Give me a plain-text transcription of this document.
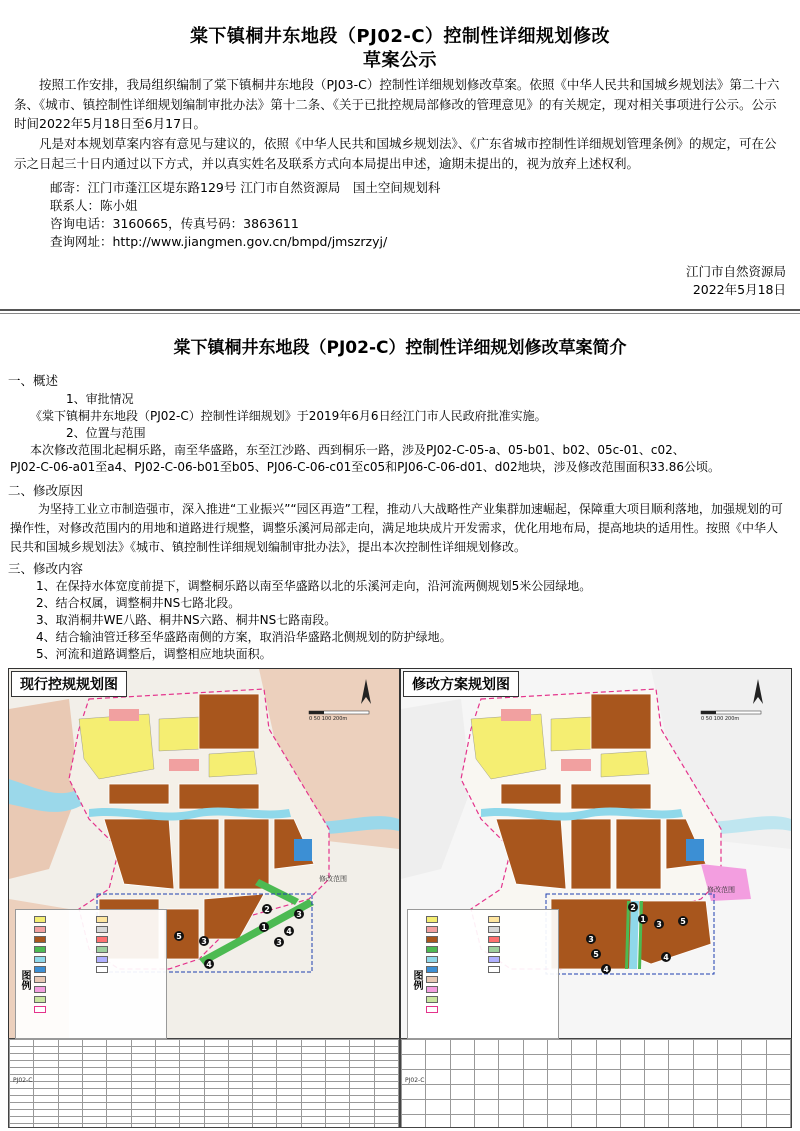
棠下镇桐井东地段（PJ02-C）控制性详细规划修改
草案公示
按照工作安排，我局组织编制了棠下镇桐井东地段（PJ03-C）控制性详细规划修改草案。依照《中华人民共和国城乡规划法》第二十六条、《城市、镇控制性详细规划编制审批办法》第十二条、《关于已批控规局部修改的管理意见》的有关规定，现对相关事项进行公示。公示时间2022年5月18日至6月17日。
凡是对本规划草案内容有意见与建议的，依照《中华人民共和国城乡规划法》、《广东省城市控制性详细规划管理条例》的规定，可在公示之日起三十日内通过以下方式，并以真实姓名及联系方式向本局提出申述，逾期未提出的，视为放弃上述权利。
邮寄：江门市蓬江区堤东路129号 江门市自然资源局　国土空间规划科
联系人：陈小姐
咨询电话：3160665，传真号码：3863611
查询网址：http://www.jiangmen.gov.cn/bmpd/jmszrzyj/
江门市自然资源局
2022年5月18日
棠下镇桐井东地段（PJ02-C）控制性详细规划修改草案简介
一、概述
1、审批情况
《棠下镇桐井东地段（PJ02-C）控制性详细规划》于2019年6月6日经江门市人民政府批准实施。
2、位置与范围
本次修改范围北起桐乐路，南至华盛路，东至江沙路、西到桐乐一路，涉及PJ02-C-05-a、05-b01、b02、05c-01、c02、
PJ02-C-06-a01至a4、PJ02-C-06-b01至b05、PJ06-C-06-c01至c05和PJ06-C-06-d01、d02地块，涉及修改范围面积33.86公顷。
二、修改原因
为坚持工业立市制造强市，深入推进“工业振兴”“园区再造”工程，推动八大战略性产业集群加速崛起，保障重大项目顺利落地，加强规划的可操作性，对修改范围内的用地和道路进行规整，调整乐溪河局部走向，满足地块成片开发需求，优化用地布局，提高地块的适用性。按照《中华人民共和国城乡规划法》《城市、镇控制性详细规划编制审批办法》，提出本次控制性详细规划修改。
三、修改内容
1、在保持水体宽度前提下，调整桐乐路以南至华盛路以北的乐溪河走向，沿河流两侧规划5米公园绿地。
2、结合权属，调整桐井NS七路北段。
3、取消桐井WE八路、桐井NS六路、桐井NS七路南段。
4、结合输油管迁移至华盛路南侧的方案，取消沿华盛路北侧规划的防护绿地。
5、河流和道路调整后，调整相应地块面积。
现行控规规划图
2
3
4
1
5
3
4
3
修改范围
0 50 100 200m
图例
修改方案规划图
2
1
3 5
3
5
4
4
修改范围
0 50 100 200m
图例
PJ02-C

																PJ02-C
